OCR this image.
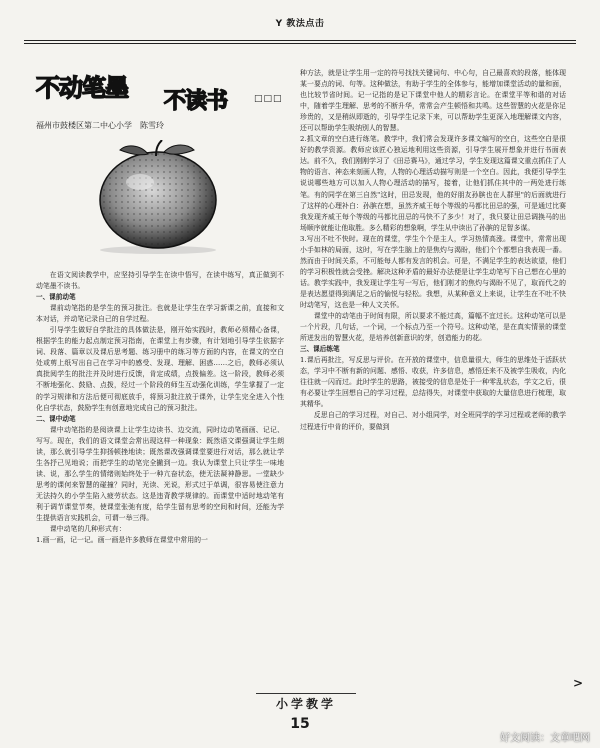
Y 教法点击
不动笔墨 不读书	□□□
福州市鼓楼区第二中心小学　陈雪玲

在语文阅读教学中，应坚持引导学生在读中悟写，在读中练写，真正做到不动笔墨不读书。

一、课前动笔

课前动笔指的是学生的预习批注。也就是让学生在学习新课之前，直接和文本对话，并动笔记录自己的自学过程。

引导学生做好自学批注的具体做法是，刚开始实践时，教师必须精心备课，根据学生的能力起点制定预习指南，在课堂上有步骤，有计划地引导学生依据字词、段落、篇章以及课后思考题、练习册中的练习等方面的内容，在课文的空白处或剪上纸写出自己在学习中的感受、发现、理解、困惑……之后，教师必须认真批阅学生的批注并及时进行反馈，肯定成绩，点拨偏差。这一阶段，教师必须不断地强化、鼓励、点拨，经过一个阶段的师生互动强化训练，学生掌握了一定的学习规律和方法后便可彻底放手，将预习批注放于课外，让学生完全进入个性化自学状态，鼓励学生有创意地完成自己的预习批注。

二、课中动笔

课中动笔指的是阅读课上让学生边读书、边交流，同时边动笔画画、记记、写写。现在，我们的语文课堂会常出现这样一种现象：既然语文课强调让学生朗读，那么就引导学生抑扬顿挫地读；既然课改强调课堂要进行对话，那么就让学生各抒己见地说；而把学生的动笔完全撇到一边。我认为课堂上只让学生一味地读、说，那么学生的情绪则始终处于一种亢奋状态，使无法凝神静思。一堂缺少思考的课何来智慧的碰撞？同时，光读、光说，形式过于单调，很容易使注意力无法持久的小学生陷入疲劳状态。这是违背教学规律的。而课堂中适时地动笔有利于调节课堂节奏，使课堂张弛有度，给学生留有思考的空间和时间，还能为学生提供语言实践机会，可谓一举三得。

课中动笔的几种形式有：

1.画一画，记一记。画一画是许多教师在课堂中常用的一

种方法，就是让学生用一定的符号找找关键词句、中心句，自己最喜欢的段落，能体现某一要点的词、句等。这种做法，有助于学生的全体参与，能增加课堂活动的量和面，也比较节省时间。记一记指的是记下课堂中他人的精彩言论。在课堂平等和谐的对话中，随着学生理解、思考的不断升华，常常会产生顿悟和共鸣。这些智慧的火花是你足珍贵的，又是稍纵即逝的，引导学生记录下来，可以帮助学生更深入地理解课文内容，还可以帮助学生吸纳别人的智慧。

2.抓文章的空白进行练笔。教学中，我们常会发现许多课文编写的空白，这些空白是很好的教学资源。教师应该匠心独运地利用这些资源，引导学生展开想象并进行书面表达。前不久，我们刚刚学习了《田忌赛马》，通过学习，学生发现这篇课文重点抓住了人物的语言、神态来刻画人物，人物的心理活动描写则是一个空白。因此，我便引导学生说说哪些地方可以加入人物心理活动的描写，接着，让他们抓住其中的一两处进行练笔。有的同学在第三自然"这时，田忌发现，他的好朋友孙膑也在人群里"的后面就进行了这样的心理补白：孙膑在想，虽然齐威王每个等级的马都比田忌的强，可是通过比赛我发现齐威王每个等级的马都比田忌的马快不了多少！对了，我只要让田忌调换马的出场顺序就能让他取胜。多么精彩的想象啊，学生从中读出了孙膑的足智多谋。

3.写出不吐不快时。现在的课堂，学生个个是主人，学习热情高涨。课堂中，常常出现小手如林的局面，这时，写在学生脑上的是焦灼与渴盼，他们个个都想自我表现一番。然而由于时间关系，不可能每人都有发言的机会。可是，不满足学生的表达欲望，他们的学习积极性就会受挫。解决这种矛盾的最好办法便是让学生动笔写下自己想在心里的话。教学实践中，我发现让学生写一写后，他们刚才的焦灼与渴盼不见了，取而代之的是表达愿望得到满足之后的愉悦与轻松。我想，从某种意义上来说，让学生在不吐不快时动笔写，这也是一种人文关怀。

课堂中的动笔由于时间有限，所以要求不能过高，篇幅不宜过长。这种动笔可以是一个片段，几句话，一个词，一个标点乃至一个符号。这种动笔，是在真实情景的课堂所迸发出的智慧火花，是培养创新意识的芽，创造能力的花。

三、课后练笔

1.课后再批注，写反思与评价。在开放的课堂中，信息量很大，师生的思维处于活跃状态，学习中不断有新的问题、感悟、收获，许多信息，感悟还来不及被学生吸收，内化往往就一闪而过。此时学生的思路，被接受的信息是处于一种零乱状态，学文之后，很有必要让学生回想自己的学习过程，总结得失，对课堂中获取的大量信息进行梳理，取其精华。

反思自己的学习过程，对自己、对小组同学，对全班同学的学习过程或老师的教学过程进行中肯的评价，要做到

>
小学教学
15
好文阅读：文章吧网
